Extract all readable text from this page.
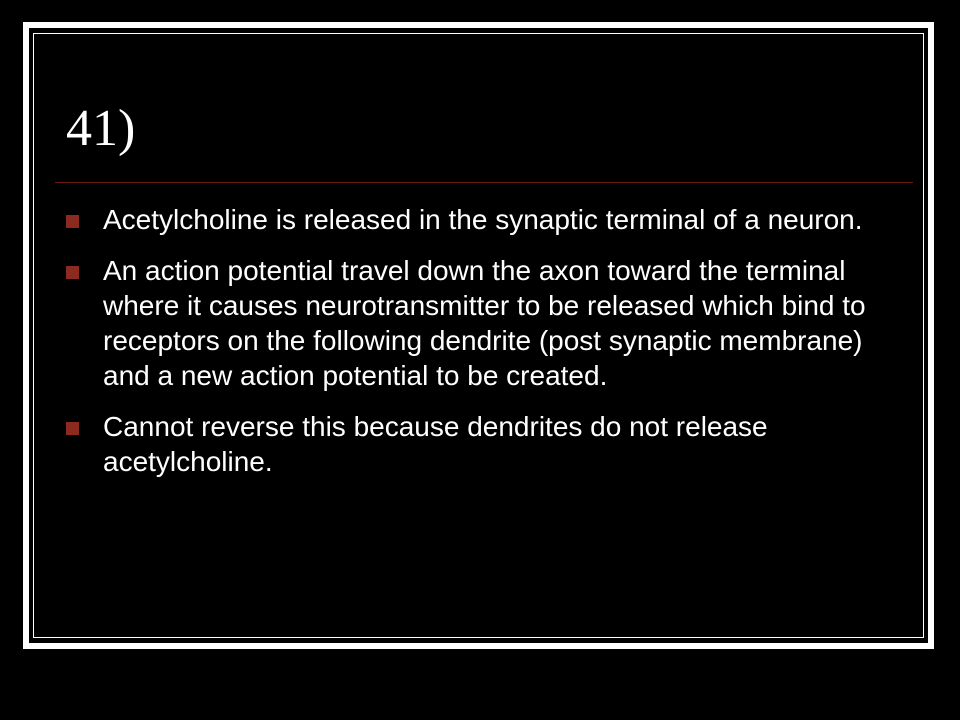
41)
Acetylcholine is released in the synaptic terminal of a neuron.
An action potential travel down the axon toward the terminal where it causes neurotransmitter to be released which bind to receptors on the following dendrite (post synaptic membrane) and a new action potential to be created.
Cannot reverse this because dendrites do not release acetylcholine.
